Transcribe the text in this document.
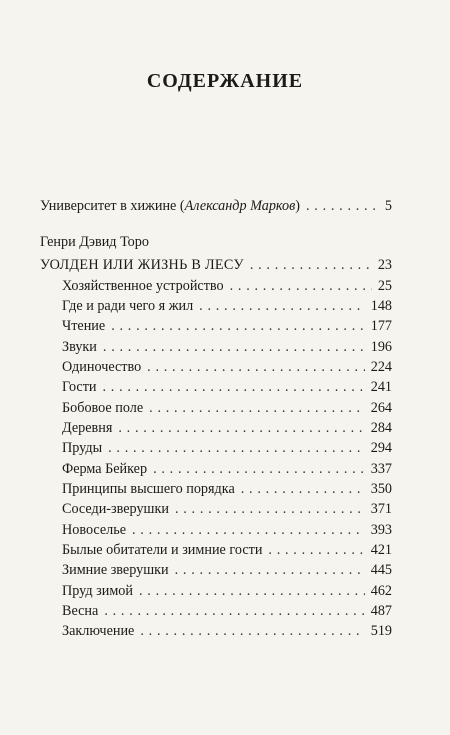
СОДЕРЖАНИЕ
Университет в хижине (Александр Марков) . . .	5
Генри Дэвид Торо
УОЛДЕН ИЛИ ЖИЗНЬ В ЛЕСУ . . .	23
Хозяйственное устройство . . .	25
Где и ради чего я жил . . .	148
Чтение . . .	177
Звуки . . .	196
Одиночество . . .	224
Гости . . .	241
Бобовое поле . . .	264
Деревня . . .	284
Пруды . . .	294
Ферма Бейкер . . .	337
Принципы высшего порядка . . .	350
Соседи-зверушки . . .	371
Новоселье . . .	393
Былые обитатели и зимние гости . . .	421
Зимние зверушки . . .	445
Пруд зимой . . .	462
Весна . . .	487
Заключение . . .	519
